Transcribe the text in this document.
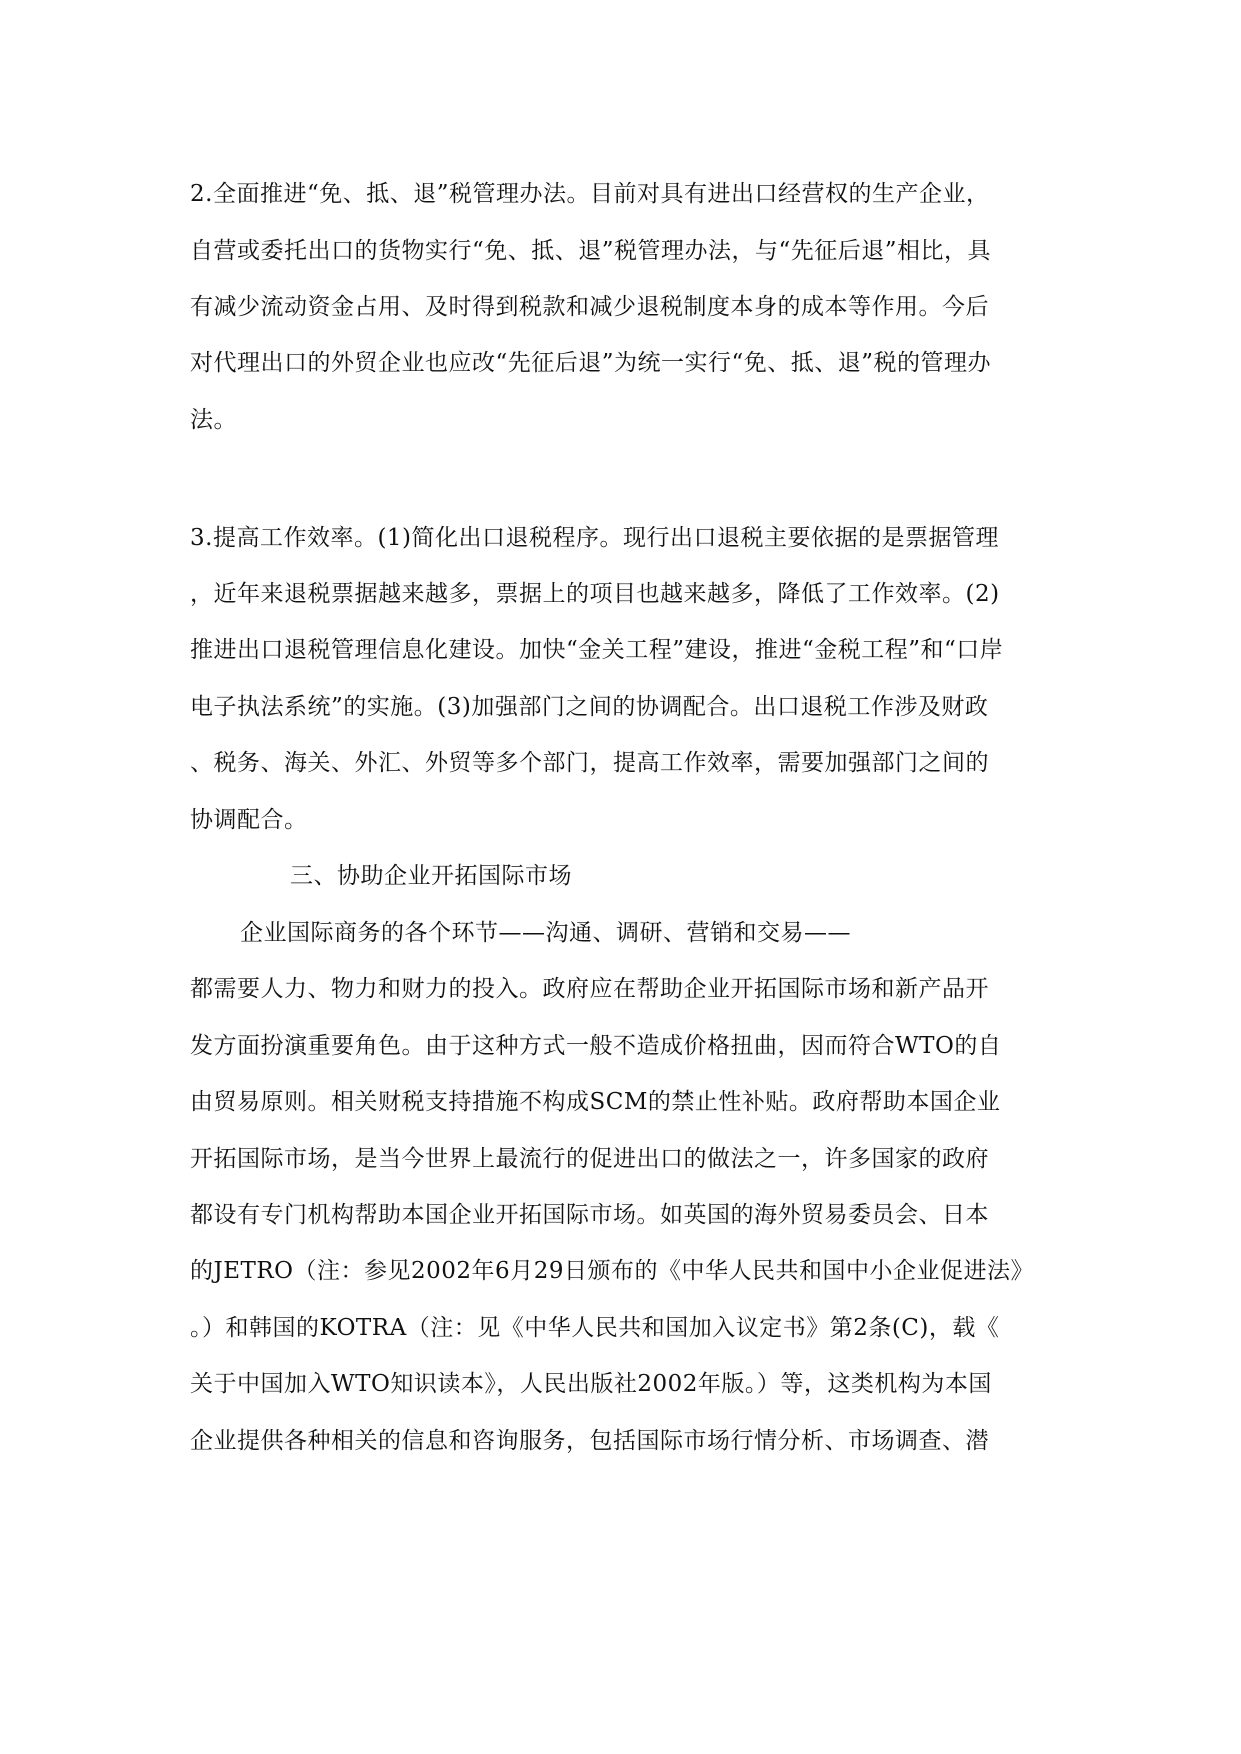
2.全面推进“免、抵、退”税管理办法。目前对具有进出口经营权的生产企业，
自营或委托出口的货物实行“免、抵、退”税管理办法，与“先征后退”相比，具
有减少流动资金占用、及时得到税款和减少退税制度本身的成本等作用。今后
对代理出口的外贸企业也应改“先征后退”为统一实行“免、抵、退”税的管理办
法。
3.提高工作效率。(1)简化出口退税程序。现行出口退税主要依据的是票据管理
，近年来退税票据越来越多，票据上的项目也越来越多，降低了工作效率。(2)
推进出口退税管理信息化建设。加快“金关工程”建设，推进“金税工程”和“口岸
电子执法系统”的实施。(3)加强部门之间的协调配合。出口退税工作涉及财政
、税务、海关、外汇、外贸等多个部门，提高工作效率，需要加强部门之间的
协调配合。
三、协助企业开拓国际市场
企业国际商务的各个环节——沟通、调研、营销和交易——
都需要人力、物力和财力的投入。政府应在帮助企业开拓国际市场和新产品开
发方面扮演重要角色。由于这种方式一般不造成价格扭曲，因而符合WTO的自
由贸易原则。相关财税支持措施不构成SCM的禁止性补贴。政府帮助本国企业
开拓国际市场，是当今世界上最流行的促进出口的做法之一，许多国家的政府
都设有专门机构帮助本国企业开拓国际市场。如英国的海外贸易委员会、日本
的JETRO（注：参见2002年6月29日颁布的《中华人民共和国中小企业促进法》
。）和韩国的KOTRA（注：见《中华人民共和国加入议定书》第2条(C)，载《
关于中国加入WTO知识读本》，人民出版社2002年版。）等，这类机构为本国
企业提供各种相关的信息和咨询服务，包括国际市场行情分析、市场调查、潜
